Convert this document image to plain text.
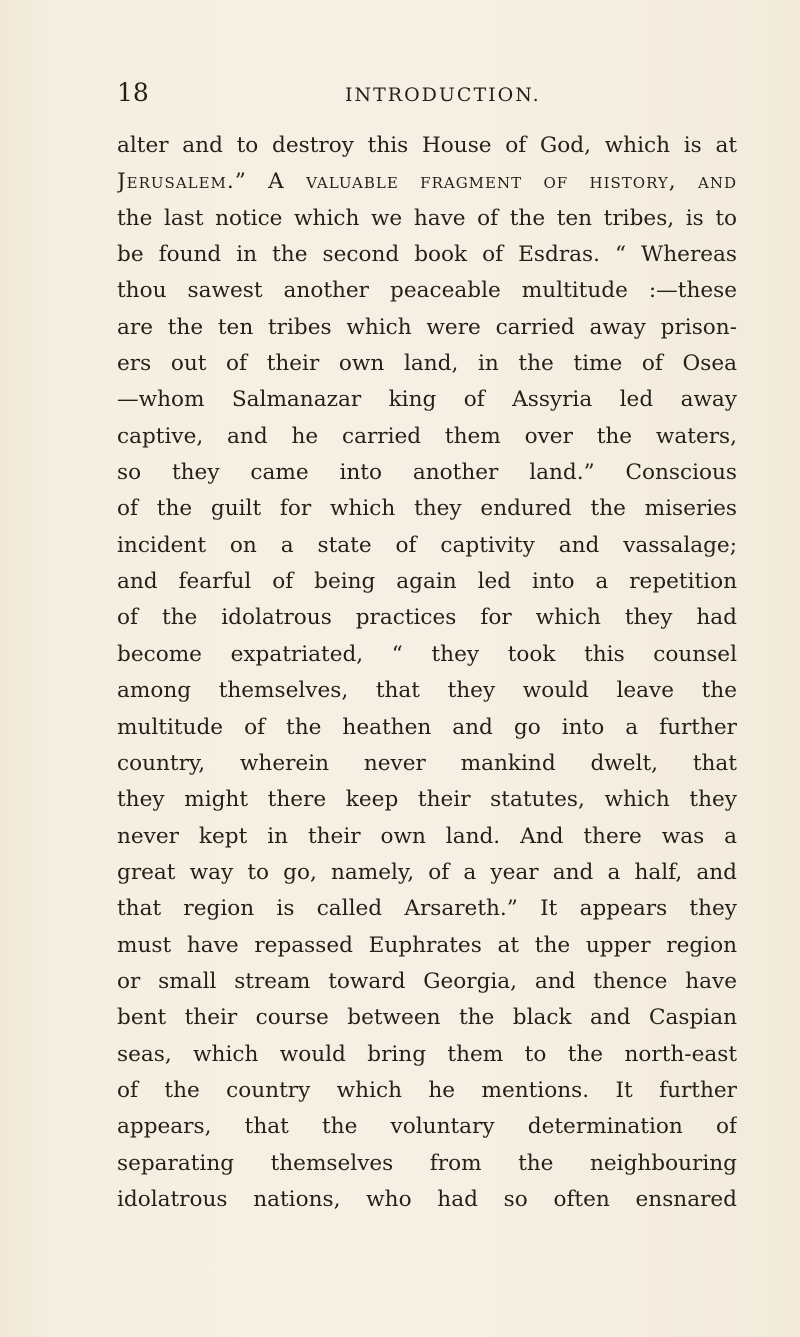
18	INTRODUCTION.
alter and to destroy this House of God, which is at
Jerusalem.” A valuable fragment of history, and
the last notice which we have of the ten tribes, is to
be found in the second book of Esdras. “ Whereas
thou sawest another peaceable multitude :—these
are the ten tribes which were carried away prison-
ers out of their own land, in the time of Osea
—whom Salmanazar king of Assyria led away
captive, and he carried them over the waters,
so they came into another land.” Conscious
of the guilt for which they endured the miseries
incident on a state of captivity and vassalage;
and fearful of being again led into a repetition
of the idolatrous practices for which they had
become expatriated, “ they took this counsel
among themselves, that they would leave the
multitude of the heathen and go into a further
country, wherein never mankind dwelt, that
they might there keep their statutes, which they
never kept in their own land. And there was a
great way to go, namely, of a year and a half, and
that region is called Arsareth.” It appears they
must have repassed Euphrates at the upper region
or small stream toward Georgia, and thence have
bent their course between the black and Caspian
seas, which would bring them to the north-east
of the country which he mentions. It further
appears, that the voluntary determination of
separating themselves from the neighbouring
idolatrous nations, who had so often ensnared
